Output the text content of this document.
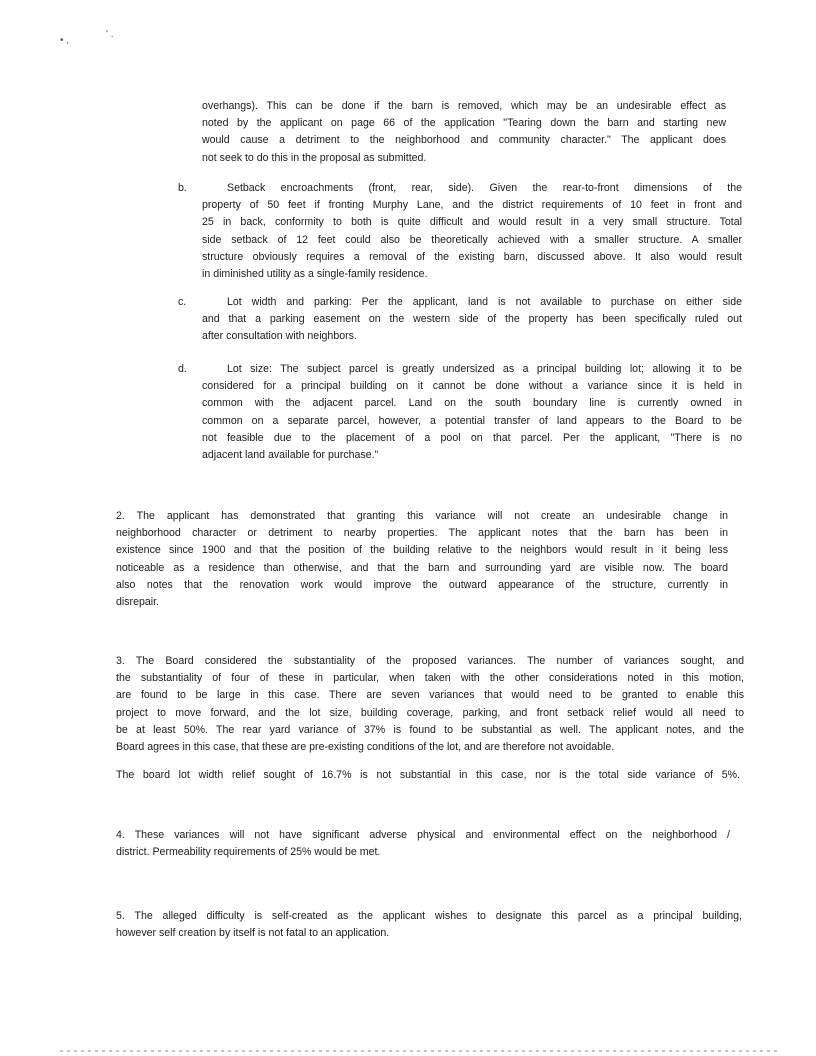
• ,
' .
overhangs). This can be done if the barn is removed, which may be an undesirable effect as
noted by the applicant on page 66 of the application "Tearing down the barn and starting new
would cause a detriment to the neighborhood and community character." The applicant does
not seek to do this in the proposal as submitted.
b.	Setback encroachments (front, rear, side). Given the rear-to-front dimensions of the
property of 50 feet if fronting Murphy Lane, and the district requirements of 10 feet in front and
25 in back, conformity to both is quite difficult and would result in a very small structure. Total
side setback of 12 feet could also be theoretically achieved with a smaller structure. A smaller
structure obviously requires a removal of the existing barn, discussed above. It also would result
in diminished utility as a single-family residence.
c.	Lot width and parking: Per the applicant, land is not available to purchase on either side
and that a parking easement on the western side of the property has been specifically ruled out
after consultation with neighbors.
d.	Lot size: The subject parcel is greatly undersized as a principal building lot; allowing it to be
considered for a principal building on it cannot be done without a variance since it is held in
common with the adjacent parcel. Land on the south boundary line is currently owned in
common on a separate parcel, however, a potential transfer of land appears to the Board to be
not feasible due to the placement of a pool on that parcel. Per the applicant, "There is no
adjacent land available for purchase."
2. The applicant has demonstrated that granting this variance will not create an undesirable change in
neighborhood character or detriment to nearby properties. The applicant notes that the barn has been in
existence since 1900 and that the position of the building relative to the neighbors would result in it being less
noticeable as a residence than otherwise, and that the barn and surrounding yard are visible now. The board
also notes that the renovation work would improve the outward appearance of the structure, currently in
disrepair.
3. The Board considered the substantiality of the proposed variances. The number of variances sought, and
the substantiality of four of these in particular, when taken with the other considerations noted in this motion,
are found to be large in this case. There are seven variances that would need to be granted to enable this
project to move forward, and the lot size, building coverage, parking, and front setback relief would all need to
be at least 50%. The rear yard variance of 37% is found to be substantial as well. The applicant notes, and the
Board agrees in this case, that these are pre-existing conditions of the lot, and are therefore not avoidable.
The board lot width relief sought of 16.7% is not substantial in this case, nor is the total side variance of 5%.
4. These variances will not have significant adverse physical and environmental effect on the neighborhood /
district. Permeability requirements of 25% would be met.
5. The alleged difficulty is self-created as the applicant wishes to designate this parcel as a principal building,
however self creation by itself is not fatal to an application.
